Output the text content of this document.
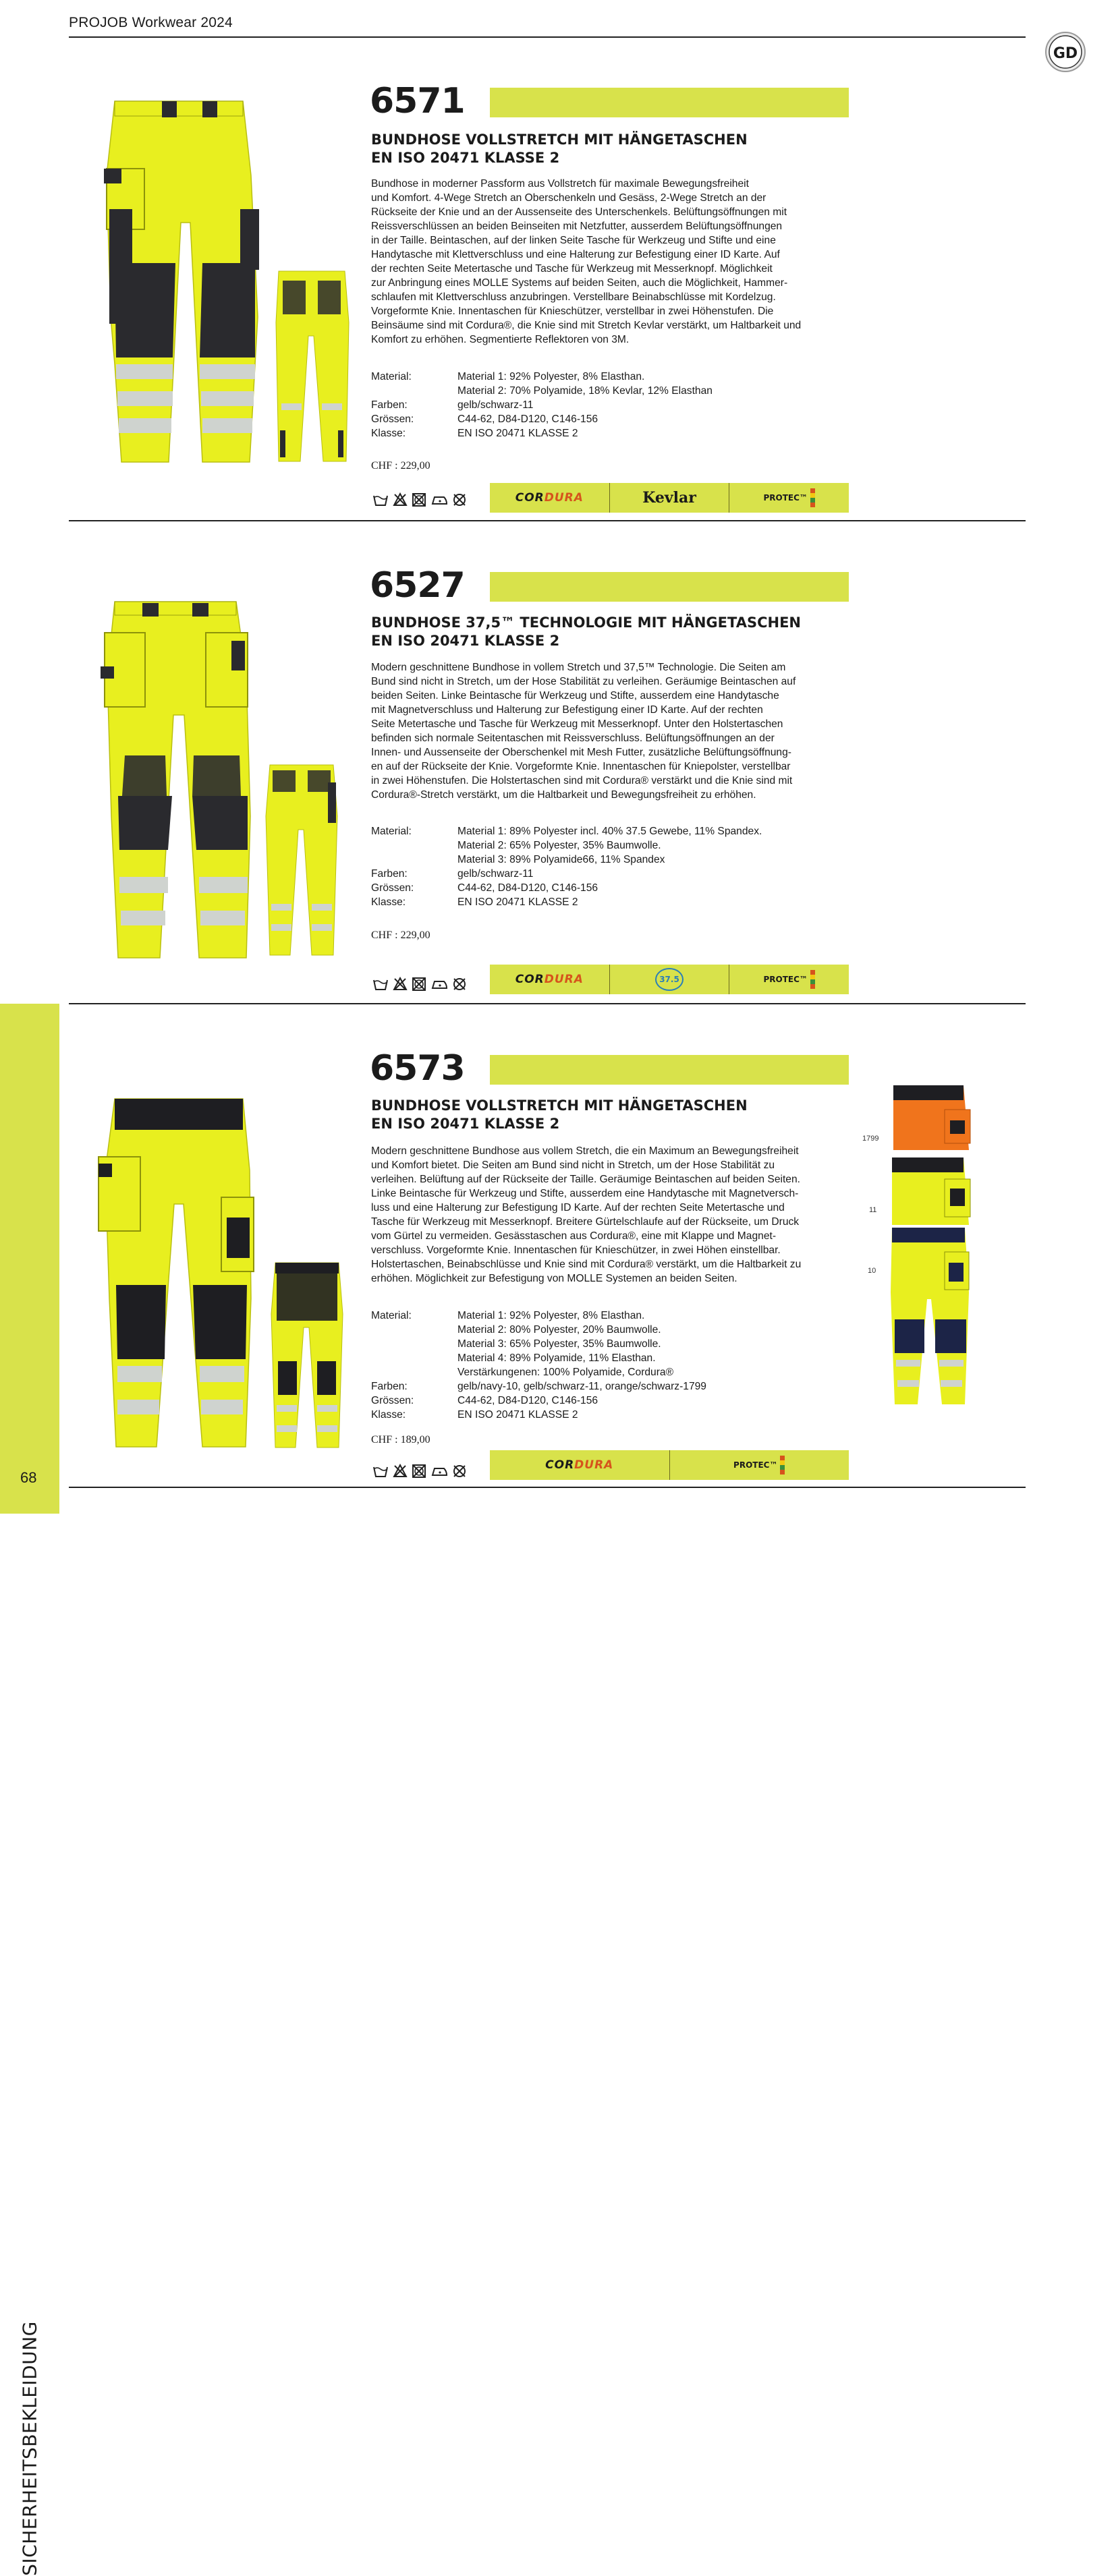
PROJOB Workwear 2024
GD
6571
BUNDHOSE VOLLSTRETCH MIT HÄNGETASCHEN
EN ISO 20471 KLASSE 2
Bundhose in moderner Passform aus Vollstretch für maximale Bewegungsfreiheit
und Komfort. 4-Wege Stretch an Oberschenkeln und Gesäss, 2-Wege Stretch an der
Rückseite der Knie und an der Aussenseite des Unterschenkels. Belüftungsöffnungen mit
Reissverschlüssen an beiden Beinseiten mit Netzfutter, ausserdem Belüftungsöffnungen
in der Taille. Beintaschen, auf der linken Seite Tasche für Werkzeug und Stifte und eine
Handytasche mit Klettverschluss und eine Halterung zur Befestigung einer ID Karte. Auf
der rechten Seite Metertasche und Tasche für Werkzeug mit Messerknopf. Möglichkeit
zur Anbringung eines MOLLE Systems auf beiden Seiten, auch die Möglichkeit, Hammer-
schlaufen mit Klettverschluss anzubringen. Verstellbare Beinabschlüsse mit Kordelzug.
Vorgeformte Knie. Innentaschen für Knieschützer, verstellbar in zwei Höhenstufen. Die
Beinsäume sind mit Cordura®, die Knie sind mit Stretch Kevlar verstärkt, um Haltbarkeit und
Komfort zu erhöhen. Segmentierte Reflektoren von 3M.
Material:	Material 1: 92% Polyester, 8% Elasthan.
Material 2: 70% Polyamide, 18% Kevlar, 12% Elasthan
Farben:	gelb/schwarz-11
Grössen:	C44-62, D84-D120, C146-156
Klasse:	EN ISO 20471 KLASSE 2
CHF : 229,00
CORDURA	Kevlar	PROTEC™
6527
BUNDHOSE 37,5™ TECHNOLOGIE MIT HÄNGETASCHEN
EN ISO 20471 KLASSE 2
Modern geschnittene Bundhose in vollem Stretch und 37,5™ Technologie. Die Seiten am
Bund sind nicht in Stretch, um der Hose Stabilität zu verleihen. Geräumige Beintaschen auf
beiden Seiten. Linke Beintasche für Werkzeug und Stifte, ausserdem eine Handytasche
mit Magnetverschluss und Halterung zur Befestigung einer ID Karte. Auf der rechten
Seite Metertasche und Tasche für Werkzeug mit Messerknopf. Unter den Holstertaschen
befinden sich normale Seitentaschen mit Reissverschluss. Belüftungsöffnungen an der
Innen- und Aussenseite der Oberschenkel mit Mesh Futter, zusätzliche Belüftungsöffnung-
en auf der Rückseite der Knie. Vorgeformte Knie. Innentaschen für Kniepolster, verstellbar
in zwei Höhenstufen. Die Holstertaschen sind mit Cordura® verstärkt und die Knie sind mit
Cordura®-Stretch verstärkt, um die Haltbarkeit und Bewegungsfreiheit zu erhöhen.
Material:	Material 1: 89% Polyester incl. 40% 37.5 Gewebe, 11% Spandex.
Material 2: 65% Polyester, 35% Baumwolle.
Material 3: 89% Polyamide66, 11% Spandex
Farben:	gelb/schwarz-11
Grössen:	C44-62, D84-D120, C146-156
Klasse:	EN ISO 20471 KLASSE 2
CHF : 229,00
CORDURA	37.5	PROTEC™
SICHERHEITSBEKLEIDUNG
6573
BUNDHOSE VOLLSTRETCH MIT HÄNGETASCHEN
EN ISO 20471 KLASSE 2
Modern geschnittene Bundhose aus vollem Stretch, die ein Maximum an Bewegungsfreiheit
und Komfort bietet. Die Seiten am Bund sind nicht in Stretch, um der Hose Stabilität zu
verleihen. Belüftung auf der Rückseite der Taille. Geräumige Beintaschen auf beiden Seiten.
Linke Beintasche für Werkzeug und Stifte, ausserdem eine Handytasche mit Magnetversch-
luss und eine Halterung zur Befestigung ID Karte. Auf der rechten Seite Metertasche und
Tasche für Werkzeug mit Messerknopf. Breitere Gürtelschlaufe auf der Rückseite, um Druck
vom Gürtel zu vermeiden. Gesässtaschen aus Cordura®, eine mit Klappe und Magnet-
verschluss. Vorgeformte Knie. Innentaschen für Knieschützer, in zwei Höhen einstellbar.
Holstertaschen, Beinabschlüsse und Knie sind mit Cordura® verstärkt, um die Haltbarkeit zu
erhöhen. Möglichkeit zur Befestigung von MOLLE Systemen an beiden Seiten.
Material:	Material 1: 92% Polyester, 8% Elasthan.
Material 2: 80% Polyester, 20% Baumwolle.
Material 3: 65% Polyester, 35% Baumwolle.
Material 4: 89% Polyamide, 11% Elasthan.
Verstärkungenen: 100% Polyamide, Cordura®
Farben:	gelb/navy-10, gelb/schwarz-11, orange/schwarz-1799
Grössen:	C44-62, D84-D120, C146-156
Klasse:	EN ISO 20471 KLASSE 2
CHF : 189,00
CORDURA	PROTEC™
1799
11
10
68
